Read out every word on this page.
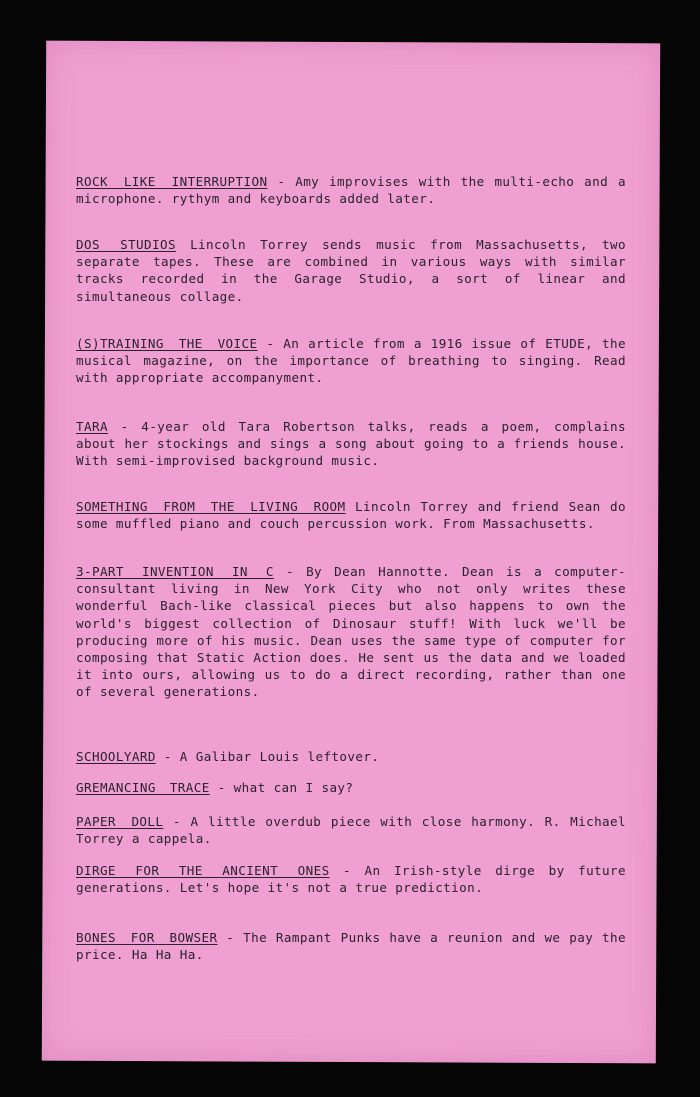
ROCK LIKE INTERRUPTION - Amy improvises with the multi-echo and a microphone. rythym and keyboards added later.
DOS STUDIOS Lincoln Torrey sends music from Massachusetts, two separate tapes. These are combined in various ways with similar tracks recorded in the Garage Studio, a sort of linear and simultaneous collage.
(S)TRAINING THE VOICE - An article from a 1916 issue of ETUDE, the musical magazine, on the importance of breathing to singing. Read with appropriate accompanyment.
TARA - 4-year old Tara Robertson talks, reads a poem, complains about her stockings and sings a song about going to a friends house. With semi-improvised background music.
SOMETHING FROM THE LIVING ROOM Lincoln Torrey and friend Sean do some muffled piano and couch percussion work. From Massachusetts.
3-PART INVENTION IN C - By Dean Hannotte. Dean is a computer-consultant living in New York City who not only writes these wonderful Bach-like classical pieces but also happens to own the world's biggest collection of Dinosaur stuff! With luck we'll be producing more of his music. Dean uses the same type of computer for composing that Static Action does. He sent us the data and we loaded it into ours, allowing us to do a direct recording, rather than one of several generations.
SCHOOLYARD - A Galibar Louis leftover.
GREMANCING TRACE - what can I say?
PAPER DOLL - A little overdub piece with close harmony. R. Michael Torrey a cappela.
DIRGE FOR THE ANCIENT ONES - An Irish-style dirge by future generations. Let's hope it's not a true prediction.
BONES FOR BOWSER - The Rampant Punks have a reunion and we pay the price. Ha Ha Ha.
